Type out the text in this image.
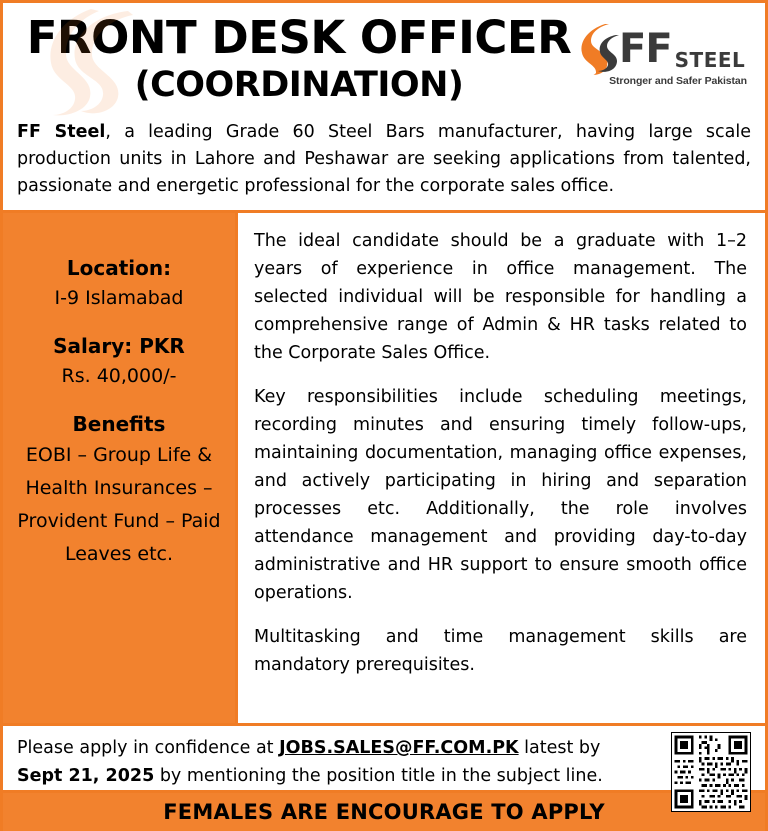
FRONT DESK OFFICER
(COORDINATION)
FF STEEL
Stronger and Safer Pakistan
FF Steel, a leading Grade 60 Steel Bars manufacturer, having large scale production units in Lahore and Peshawar are seeking applications from talented, passionate and energetic professional for the corporate sales office.
Location:
I-9 Islamabad
Salary: PKR
Rs. 40,000/-
Benefits
EOBI – Group Life & Health Insurances – Provident Fund – Paid Leaves etc.

The ideal candidate should be a graduate with 1–2 years of experience in office management. The selected individual will be responsible for handling a comprehensive range of Admin & HR tasks related to the Corporate Sales Office.

Key responsibilities include scheduling meetings, recording minutes and ensuring timely follow-ups, maintaining documentation, managing office expenses, and actively participating in hiring and separation processes etc. Additionally, the role involves attendance management and providing day-to-day administrative and HR support to ensure smooth office operations.

Multitasking and time management skills are mandatory prerequisites.

Please apply in confidence at JOBS.SALES@FF.COM.PK latest by Sept 21, 2025 by mentioning the position title in the subject line.
FEMALES ARE ENCOURAGE TO APPLY
